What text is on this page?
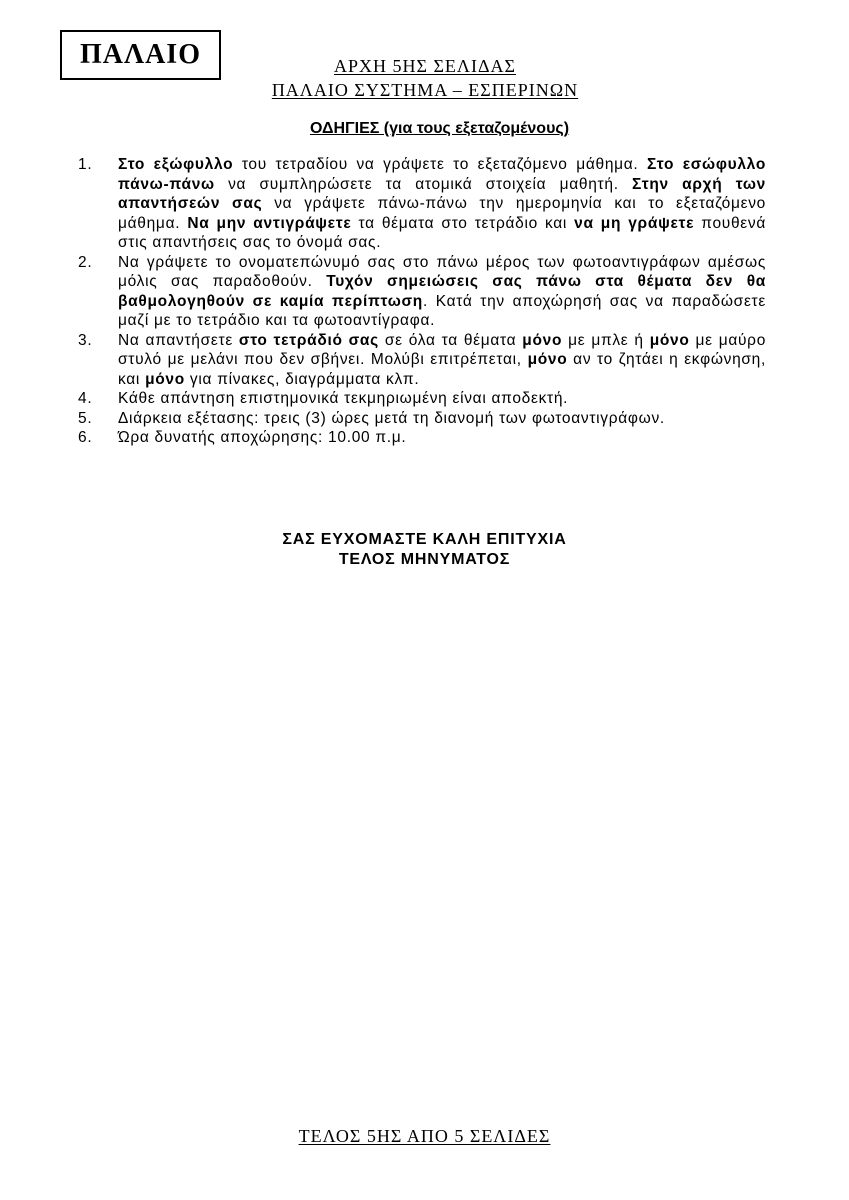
ΠΑΛΑΙΟ	ΑΡΧΗ 5ΗΣ ΣΕΛΙΔΑΣ
ΠΑΛΑΙΟ ΣΥΣΤΗΜΑ – ΕΣΠΕΡΙΝΩΝ
ΟΔΗΓΙΕΣ (για τους εξεταζομένους)
1.	Στο εξώφυλλο του τετραδίου να γράψετε το εξεταζόμενο μάθημα. Στο εσώφυλλο πάνω-πάνω να συμπληρώσετε τα ατομικά στοιχεία μαθητή. Στην αρχή των απαντήσεών σας να γράψετε πάνω-πάνω την ημερομηνία και το εξεταζόμενο μάθημα. Να μην αντιγράψετε τα θέματα στο τετράδιο και να μη γράψετε πουθενά στις απαντήσεις σας το όνομά σας.
2.	Να γράψετε το ονοματεπώνυμό σας στο πάνω μέρος των φωτοαντιγράφων αμέσως μόλις σας παραδοθούν. Τυχόν σημειώσεις σας πάνω στα θέματα δεν θα βαθμολογηθούν σε καμία περίπτωση. Κατά την αποχώρησή σας να παραδώσετε μαζί με το τετράδιο και τα φωτοαντίγραφα.
3.	Να απαντήσετε στο τετράδιό σας σε όλα τα θέματα μόνο με μπλε ή μόνο με μαύρο στυλό με μελάνι που δεν σβήνει. Μολύβι επιτρέπεται, μόνο αν το ζητάει η εκφώνηση, και μόνο για πίνακες, διαγράμματα κλπ.
4.	Κάθε απάντηση επιστημονικά τεκμηριωμένη είναι αποδεκτή.
5.	Διάρκεια εξέτασης: τρεις (3) ώρες μετά τη διανομή των φωτοαντιγράφων.
6.	Ώρα δυνατής αποχώρησης: 10.00 π.μ.
ΣΑΣ ΕΥΧΟΜΑΣΤΕ ΚΑΛΗ ΕΠΙΤΥΧΙΑ
ΤΕΛΟΣ ΜΗΝΥΜΑΤΟΣ
ΤΕΛΟΣ 5ΗΣ ΑΠΟ 5 ΣΕΛΙΔΕΣ
